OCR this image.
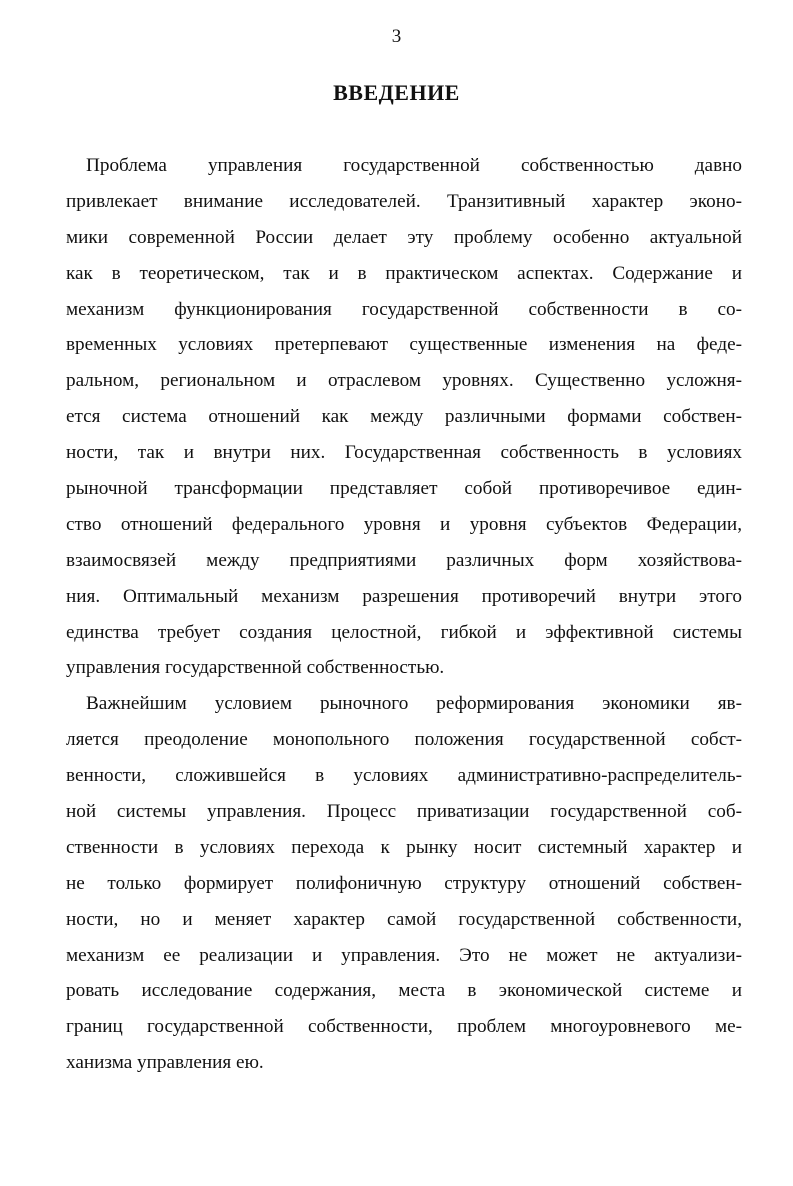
3
ВВЕДЕНИЕ
Проблема управления государственной собственностью давно
привлекает внимание исследователей. Транзитивный характер эконо-
мики современной России делает эту проблему особенно актуальной
как в теоретическом, так и в практическом аспектах. Содержание и
механизм функционирования государственной собственности в со-
временных условиях претерпевают существенные изменения на феде-
ральном, региональном и отраслевом уровнях. Существенно усложня-
ется система отношений как между различными формами собствен-
ности, так и внутри них. Государственная собственность в условиях
рыночной трансформации представляет собой противоречивое един-
ство отношений федерального уровня и уровня субъектов Федерации,
взаимосвязей между предприятиями различных форм хозяйствова-
ния. Оптимальный механизм разрешения противоречий внутри этого
единства требует создания целостной, гибкой и эффективной системы
управления государственной собственностью.
Важнейшим условием рыночного реформирования экономики яв-
ляется преодоление монопольного положения государственной собст-
венности, сложившейся в условиях административно-распределитель-
ной системы управления. Процесс приватизации государственной соб-
ственности в условиях перехода к рынку носит системный характер и
не только формирует полифоничную структуру отношений собствен-
ности, но и меняет характер самой государственной собственности,
механизм ее реализации и управления. Это не может не актуализи-
ровать исследование содержания, места в экономической системе и
границ государственной собственности, проблем многоуровневого ме-
ханизма управления ею.
